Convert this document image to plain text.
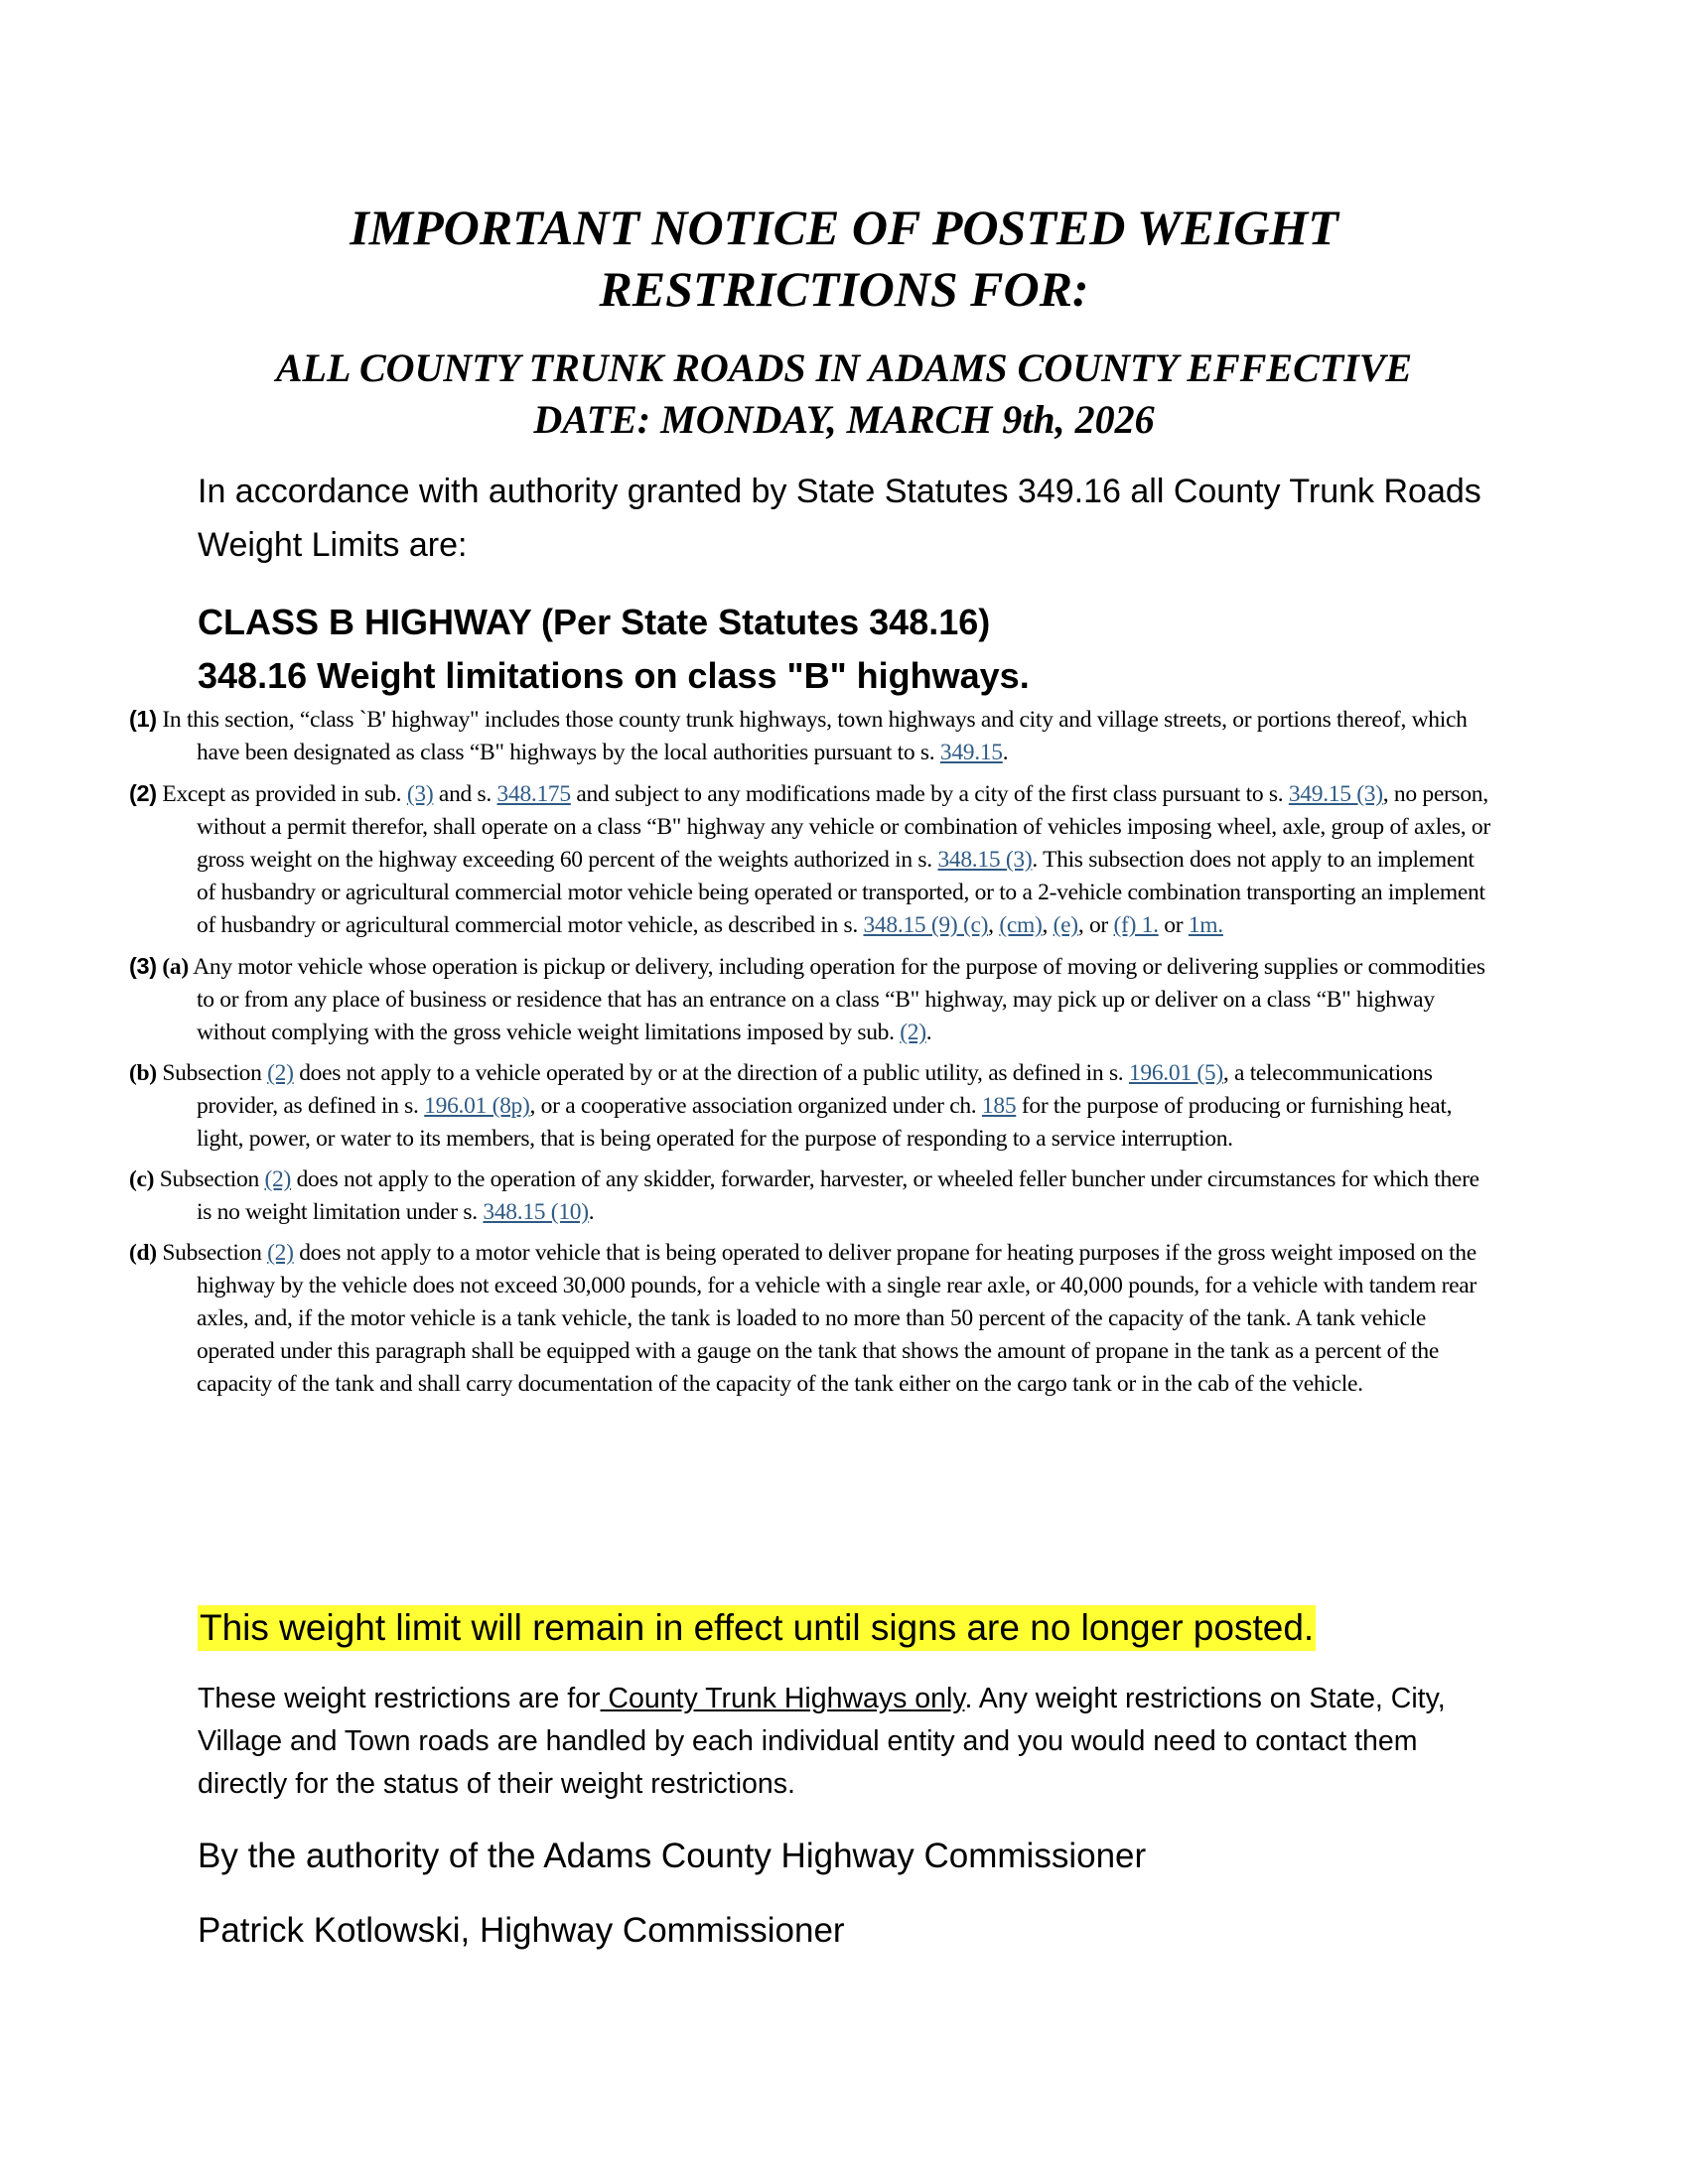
IMPORTANT NOTICE OF POSTED WEIGHT
RESTRICTIONS FOR:
ALL COUNTY TRUNK ROADS IN ADAMS COUNTY EFFECTIVE
DATE: MONDAY, MARCH 9th, 2026
In accordance with authority granted by State Statutes 349.16 all County Trunk Roads Weight Limits are:
CLASS B HIGHWAY (Per State Statutes 348.16)
348.16 Weight limitations on class "B" highways.

(1) In this section, “class `B' highway" includes those county trunk highways, town highways and city and village streets, or portions thereof, which have been designated as class “B" highways by the local authorities pursuant to s. 349.15.

(2) Except as provided in sub. (3) and s. 348.175 and subject to any modifications made by a city of the first class pursuant to s. 349.15 (3), no person, without a permit therefor, shall operate on a class “B" highway any vehicle or combination of vehicles imposing wheel, axle, group of axles, or gross weight on the highway exceeding 60 percent of the weights authorized in s. 348.15 (3). This subsection does not apply to an implement of husbandry or agricultural commercial motor vehicle being operated or transported, or to a 2-vehicle combination transporting an implement of husbandry or agricultural commercial motor vehicle, as described in s. 348.15 (9) (c), (cm), (e), or (f) 1. or 1m.

(3) (a) Any motor vehicle whose operation is pickup or delivery, including operation for the purpose of moving or delivering supplies or commodities to or from any place of business or residence that has an entrance on a class “B" highway, may pick up or deliver on a class “B" highway without complying with the gross vehicle weight limitations imposed by sub. (2).

(b) Subsection (2) does not apply to a vehicle operated by or at the direction of a public utility, as defined in s. 196.01 (5), a telecommunications provider, as defined in s. 196.01 (8p), or a cooperative association organized under ch. 185 for the purpose of producing or furnishing heat, light, power, or water to its members, that is being operated for the purpose of responding to a service interruption.

(c) Subsection (2) does not apply to the operation of any skidder, forwarder, harvester, or wheeled feller buncher under circumstances for which there is no weight limitation under s. 348.15 (10).

(d) Subsection (2) does not apply to a motor vehicle that is being operated to deliver propane for heating purposes if the gross weight imposed on the highway by the vehicle does not exceed 30,000 pounds, for a vehicle with a single rear axle, or 40,000 pounds, for a vehicle with tandem rear axles, and, if the motor vehicle is a tank vehicle, the tank is loaded to no more than 50 percent of the capacity of the tank. A tank vehicle operated under this paragraph shall be equipped with a gauge on the tank that shows the amount of propane in the tank as a percent of the capacity of the tank and shall carry documentation of the capacity of the tank either on the cargo tank or in the cab of the vehicle.

This weight limit will remain in effect until signs are no longer posted.
These weight restrictions are for County Trunk Highways only. Any weight restrictions on State, City, Village and Town roads are handled by each individual entity and you would need to contact them directly for the status of their weight restrictions.
By the authority of the Adams County Highway Commissioner
Patrick Kotlowski, Highway Commissioner
